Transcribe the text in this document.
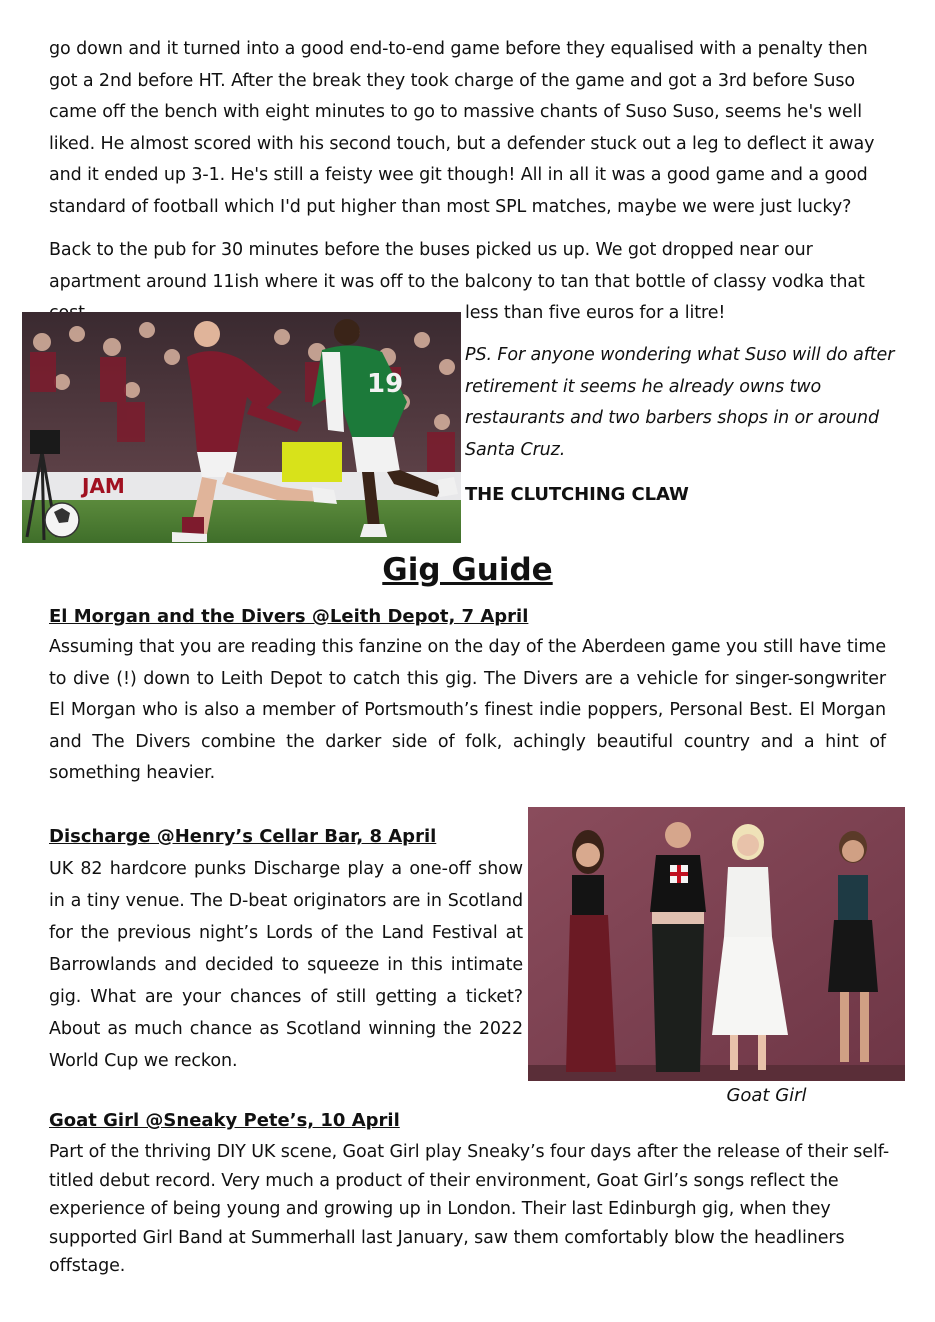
go down and it turned into a good end-to-end game before they equalised with a penalty then got a 2nd before HT. After the break they took charge of the game and got a 3rd before Suso came off the bench with eight minutes to go to massive chants of Suso Suso, seems he's well liked. He almost scored with his second touch, but a defender stuck out a leg to deflect it away and it ended up 3-1. He's still a feisty wee git though! All in all it was a good game and a good standard of football which I'd put higher than most SPL matches, maybe we were just lucky?

Back to the pub for 30 minutes before the buses picked us up. We got dropped near our apartment around 11ish where it was off to the balcony to tan that bottle of classy vodka that

less than five euros for a litre!

PS. For anyone wondering what Suso will do after retirement it seems he already owns two restaurants and two barbers shops in or around Santa Cruz.

THE CLUTCHING CLAW

JAM
19
Gig Guide
El Morgan and the Divers @Leith Depot, 7 April

Assuming that you are reading this fanzine on the day of the Aberdeen game you still have time to dive (!) down to Leith Depot to catch this gig. The Divers are a vehicle for singer-songwriter El Morgan who is also a member of Portsmouth’s finest indie poppers, Personal Best. El Morgan and The Divers combine the darker side of folk, achingly beautiful country and a hint of something heavier.

Discharge @Henry’s Cellar Bar, 8 April

UK 82 hardcore punks Discharge play a one-off show in a tiny venue. The D-beat originators are in Scotland for the previous night’s Lords of the Land Festival at Barrowlands and decided to squeeze in this intimate gig. What are your chances of still getting a ticket? About as much chance as Scotland winning the 2022 World Cup we reckon.

Goat Girl

Goat Girl @Sneaky Pete’s, 10 April

Part of the thriving DIY UK scene, Goat Girl play Sneaky’s four days after the release of their self-titled debut record. Very much a product of their environment, Goat Girl’s songs reflect the experience of being young and growing up in London. Their last Edinburgh gig, when they supported Girl Band at Summerhall last January, saw them comfortably blow the headliners offstage.
